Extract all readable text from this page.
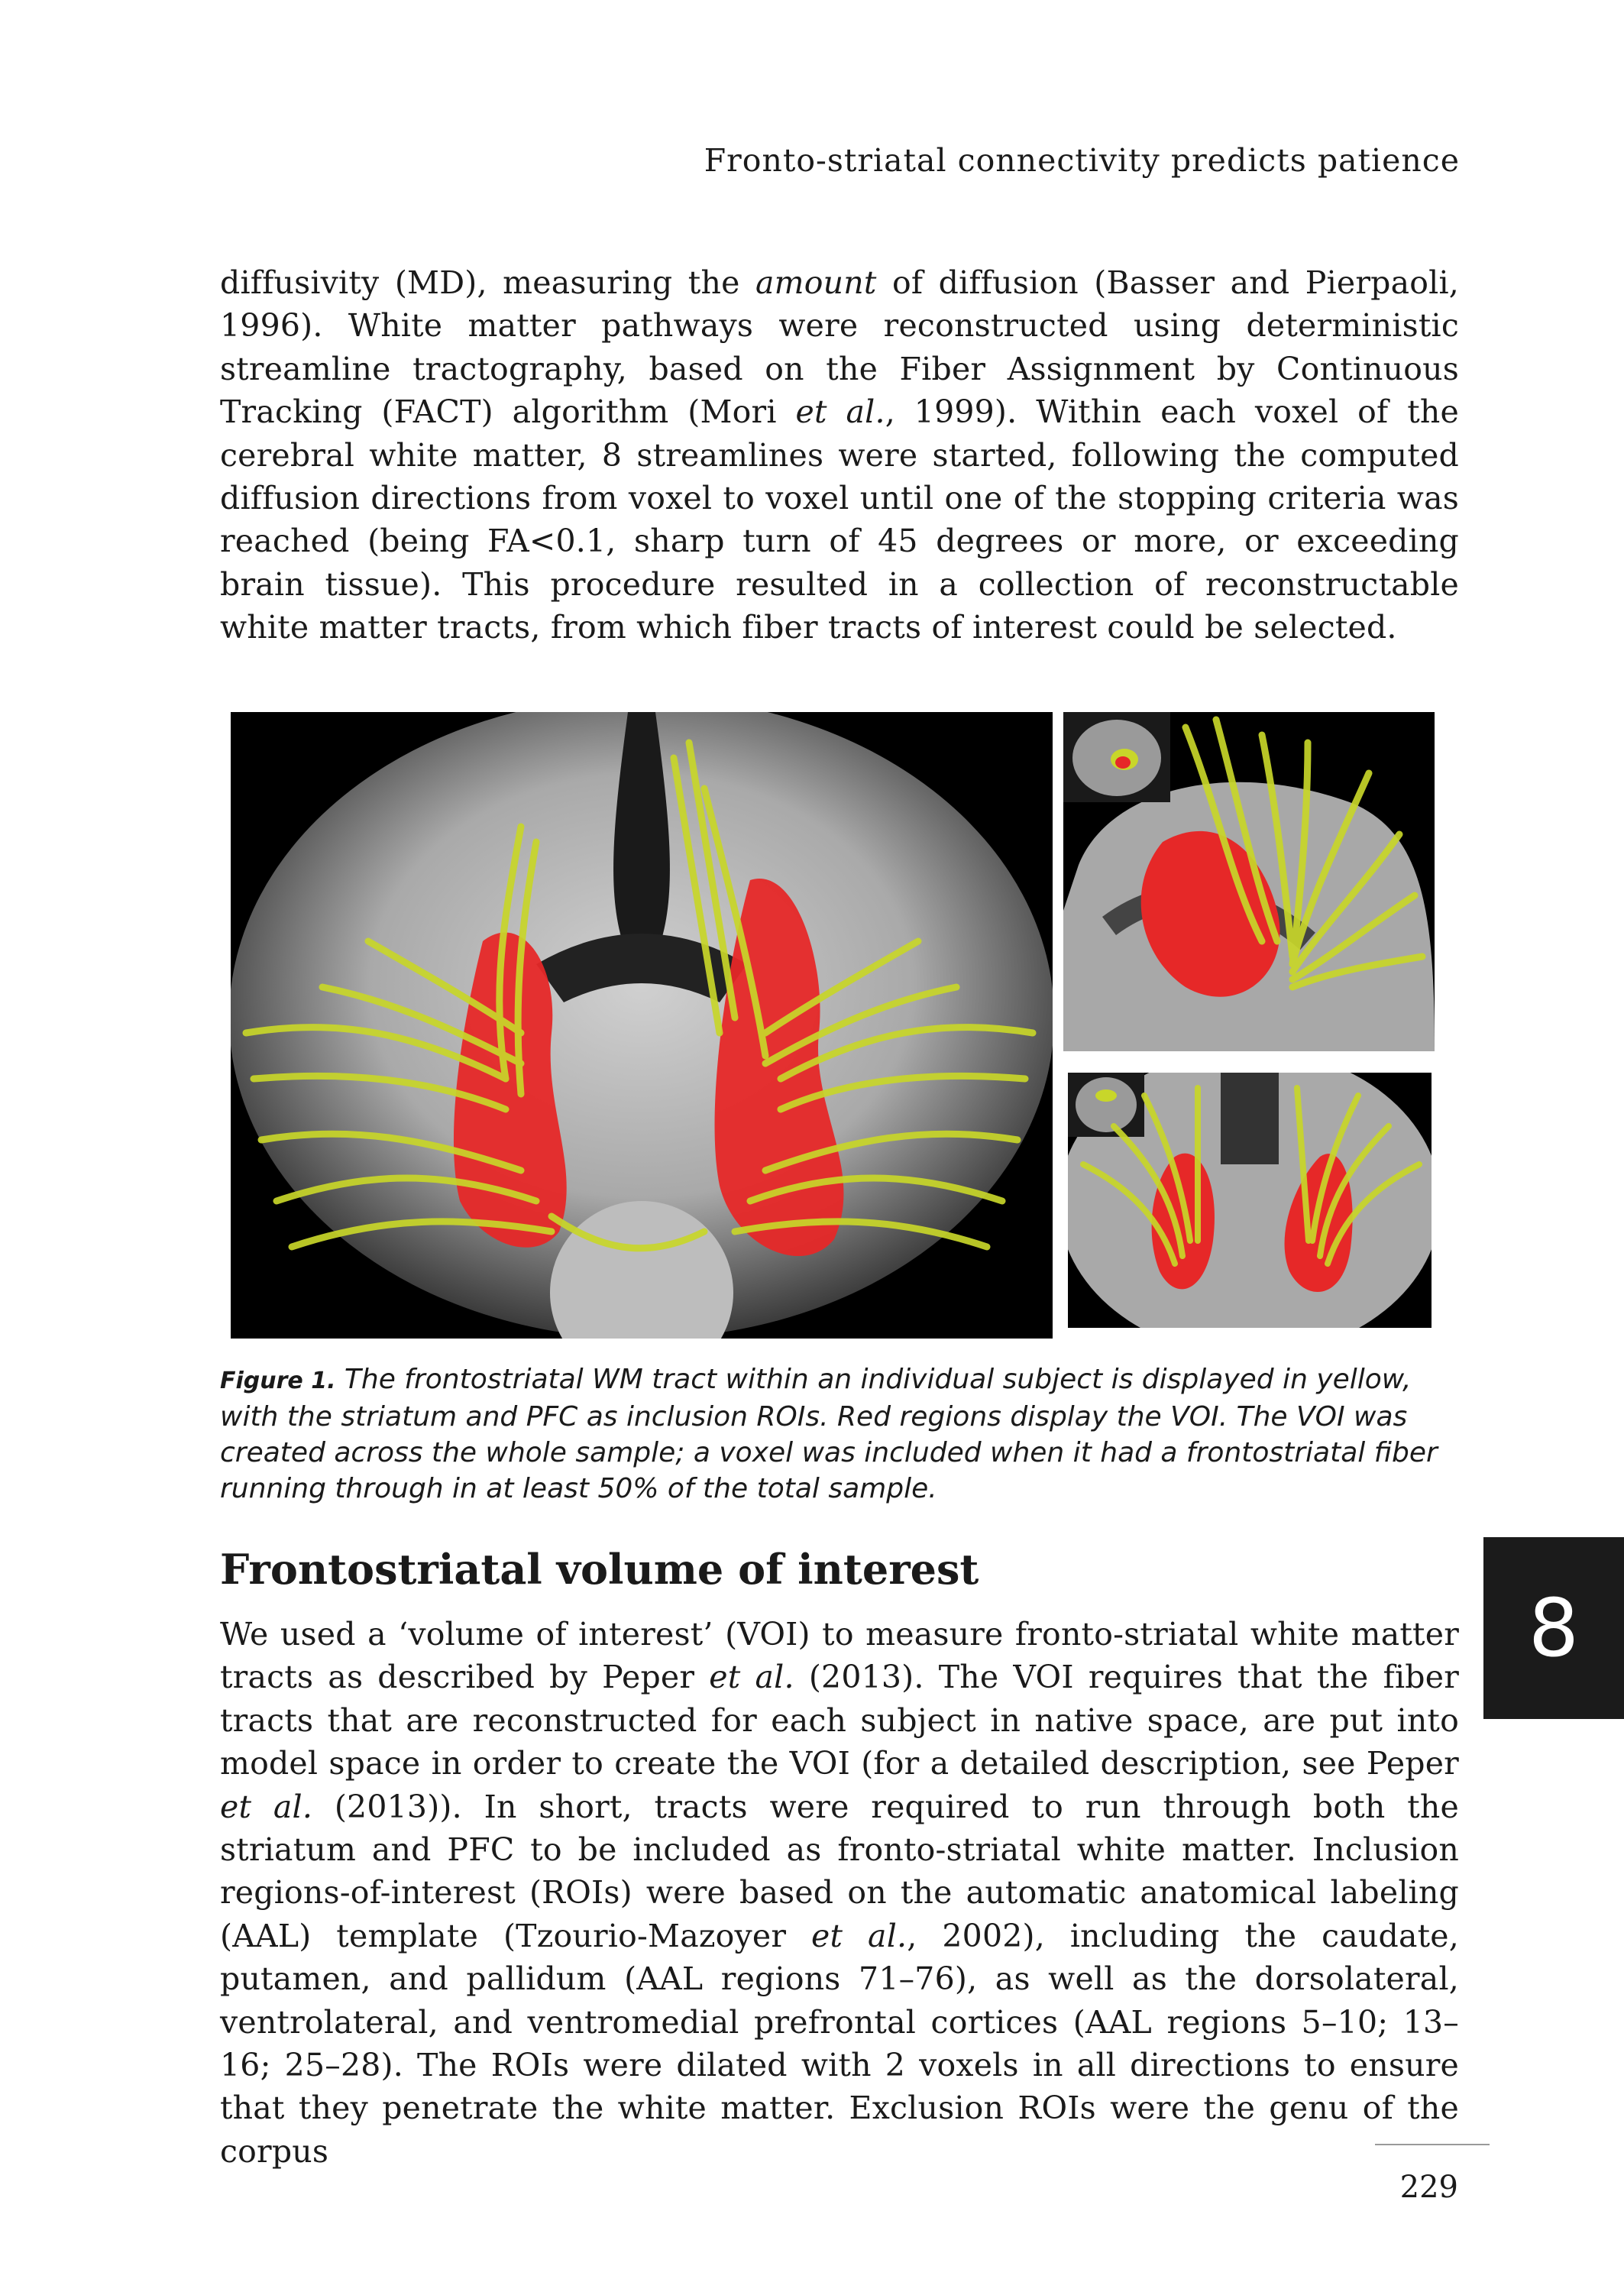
Fronto-striatal connectivity predicts patience

diffusivity (MD), measuring the amount of diffusion (Basser and Pierpaoli, 1996). White matter pathways were reconstructed using deterministic streamline tractography, based on the Fiber Assignment by Continuous Tracking (FACT) algorithm (Mori et al., 1999). Within each voxel of the cerebral white matter, 8 streamlines were started, following the computed diffusion directions from voxel to voxel until one of the stopping criteria was reached (being FA<0.1, sharp turn of 45 degrees or more, or exceeding brain tissue). This procedure resulted in a collection of reconstructable white matter tracts, from which fiber tracts of interest could be selected.

Figure 1. The frontostriatal WM tract within an individual subject is displayed in yellow, with the striatum and PFC as inclusion ROIs. Red regions display the VOI. The VOI was created across the whole sample; a voxel was included when it had a frontostriatal fiber running through in at least 50% of the total sample.

Frontostriatal volume of interest

We used a ‘volume of interest’ (VOI) to measure fronto-striatal white matter tracts as described by Peper et al. (2013). The VOI requires that the fiber tracts that are reconstructed for each subject in native space, are put into model space in order to create the VOI (for a detailed description, see Peper et al. (2013)). In short, tracts were required to run through both the striatum and PFC to be included as fronto-striatal white matter. Inclusion regions-of-interest (ROIs) were based on the automatic anatomical labeling (AAL) template (Tzourio-Mazoyer et al., 2002), including the caudate, putamen, and pallidum (AAL regions 71–76), as well as the dorsolateral, ventrolateral, and ventromedial prefrontal cortices (AAL regions 5–10; 13– 16; 25–28). The ROIs were dilated with 2 voxels in all directions to ensure that they penetrate the white matter. Exclusion ROIs were the genu of the corpus

8
229
